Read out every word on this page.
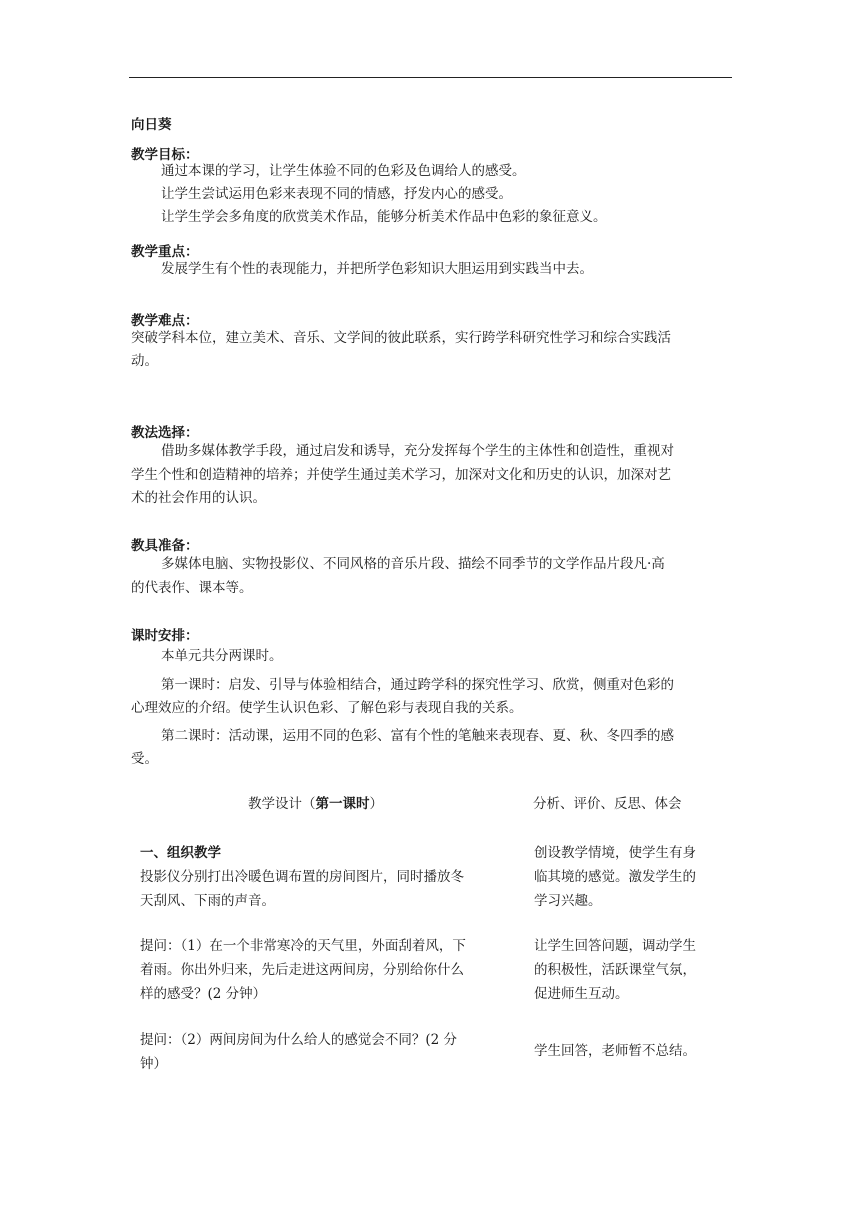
向日葵
教学目标：
通过本课的学习，让学生体验不同的色彩及色调给人的感受。
让学生尝试运用色彩来表现不同的情感，抒发内心的感受。
让学生学会多角度的欣赏美术作品，能够分析美术作品中色彩的象征意义。
教学重点：
发展学生有个性的表现能力，并把所学色彩知识大胆运用到实践当中去。
教学难点：
突破学科本位，建立美术、音乐、文学间的彼此联系，实行跨学科研究性学习和综合实践活
动。
教法选择：
借助多媒体教学手段，通过启发和诱导，充分发挥每个学生的主体性和创造性，重视对
学生个性和创造精神的培养；并使学生通过美术学习，加深对文化和历史的认识，加深对艺
术的社会作用的认识。
教具准备：
多媒体电脑、实物投影仪、不同风格的音乐片段、描绘不同季节的文学作品片段凡·高
的代表作、课本等。
课时安排：
本单元共分两课时。
第一课时：启发、引导与体验相结合，通过跨学科的探究性学习、欣赏，侧重对色彩的
心理效应的介绍。使学生认识色彩、了解色彩与表现自我的关系。
第二课时：活动课，运用不同的色彩、富有个性的笔触来表现春、夏、秋、冬四季的感
受。
教学设计（第一课时）	分析、评价、反思、体会
一、组织教学
投影仪分别打出冷暖色调布置的房间图片，同时播放冬
天刮风、下雨的声音。
创设教学情境，使学生有身
临其境的感觉。激发学生的
学习兴趣。
提问：（1）在一个非常寒冷的天气里，外面刮着风，下
着雨。你出外归来，先后走进这两间房，分别给你什么
样的感受？(2 分钟）
让学生回答问题，调动学生
的积极性，活跃课堂气氛，
促进师生互动。
提问：（2）两间房间为什么给人的感觉会不同？(2 分
钟）
学生回答，老师暂不总结。
